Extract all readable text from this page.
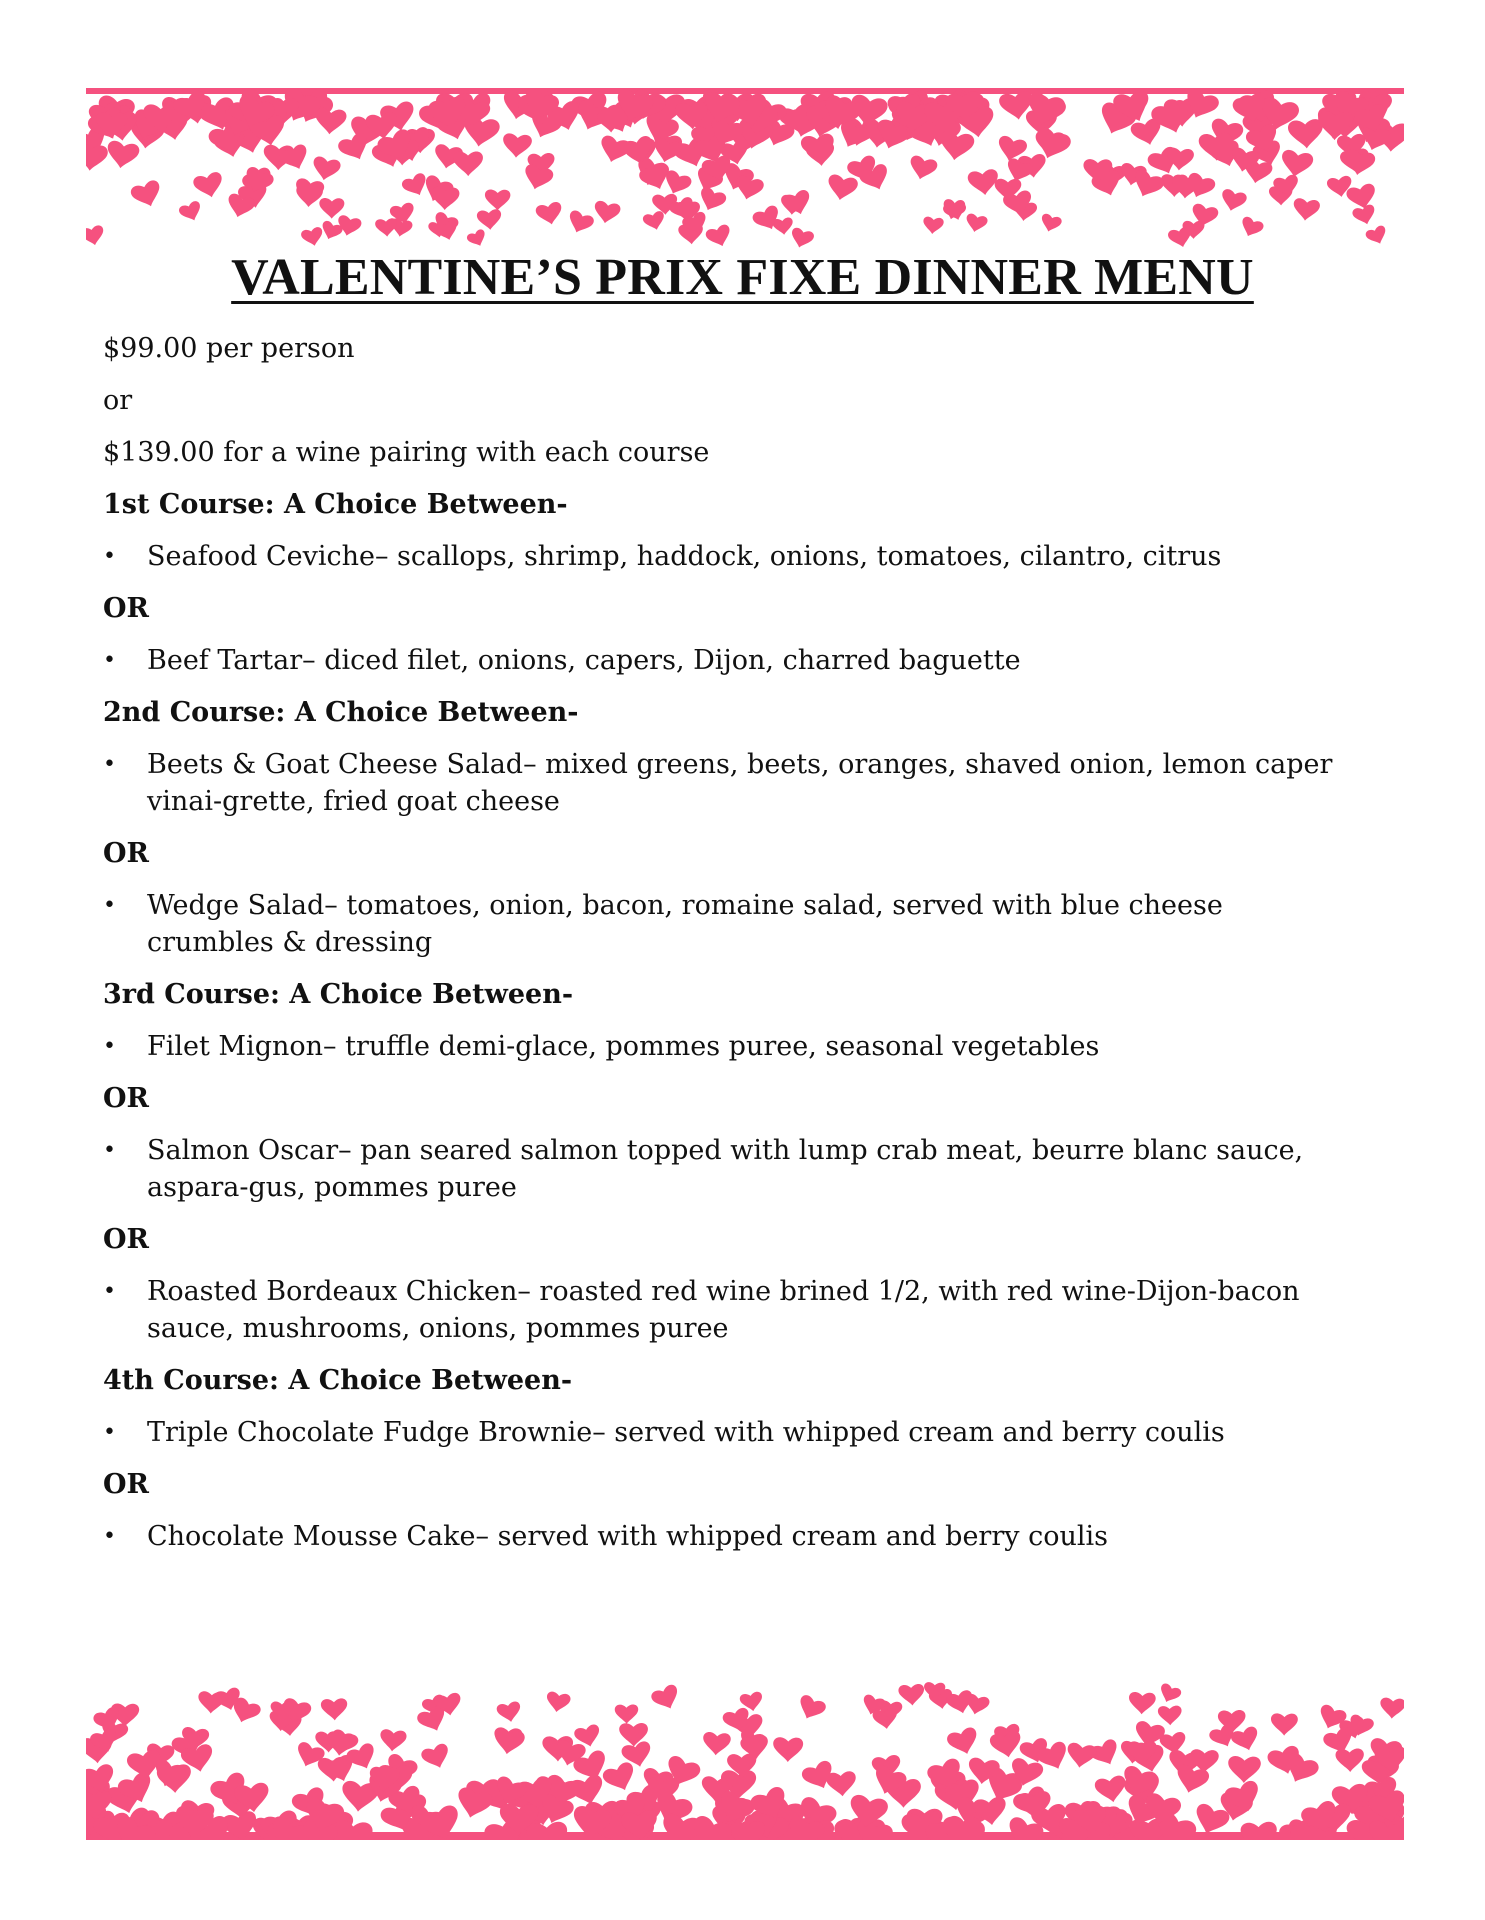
VALENTINE’S PRIX FIXE DINNER MENU
$99.00 per person
or
$139.00 for a wine pairing with each course
1st Course: A Choice Between-
•	Seafood Ceviche– scallops, shrimp, haddock, onions, tomatoes, cilantro, citrus
OR
•	Beef Tartar– diced filet, onions, capers, Dijon, charred baguette
2nd Course: A Choice Between-
•	Beets & Goat Cheese Salad– mixed greens, beets, oranges, shaved onion, lemon caper vinai-grette, fried goat cheese
OR
•	Wedge Salad– tomatoes, onion, bacon, romaine salad, served with blue cheese crumbles & dressing
3rd Course: A Choice Between-
•	Filet Mignon– truffle demi-glace, pommes puree, seasonal vegetables
OR
•	Salmon Oscar– pan seared salmon topped with lump crab meat, beurre blanc sauce, aspara-gus, pommes puree
OR
•	Roasted Bordeaux Chicken– roasted red wine brined 1/2, with red wine-Dijon-bacon sauce, mushrooms, onions, pommes puree
4th Course: A Choice Between-
•	Triple Chocolate Fudge Brownie– served with whipped cream and berry coulis
OR
•	Chocolate Mousse Cake– served with whipped cream and berry coulis
